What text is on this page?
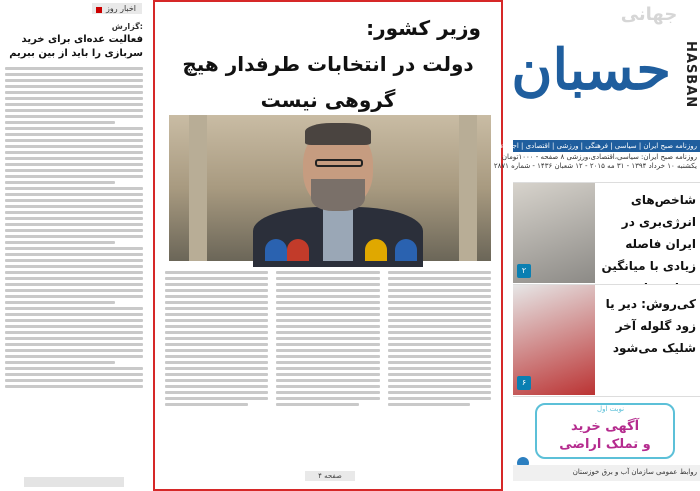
اخبار روز
گزارش:
فعالیت عده‌ای برای خرید سربازی را باید از بین ببریم
وزیر کشور:
دولت در انتخابات طرفدار هیچ گروهی نیست
صفحه ۴
جهانی
حسبان HASBAN
روزنامه صبح ایران | سیاسی | فرهنگی | ورزشی | اقتصادی | اجتماعی
روزنامه صبح ایران: سیاسی،اقتصادی،ورزشی ۸ صفحه - ۱۰۰۰تومان
یکشنبه ۱۰ خرداد ۱۳۹۴ - ۳۱ مه ۲۰۱۵ - ۱۲ شعبان ۱۴۳۶ - شماره ۲۸۷۱
شاخص‌های انرژی‌بری در ایران فاصله زیادی با میانگین
۲
کی‌روش: دیر یا زود گلوله آخر شلیک می‌شود
۶
نوبت اول
آگهی خرید
و تملک اراضی
روابط عمومی سازمان آب و برق خوزستان
